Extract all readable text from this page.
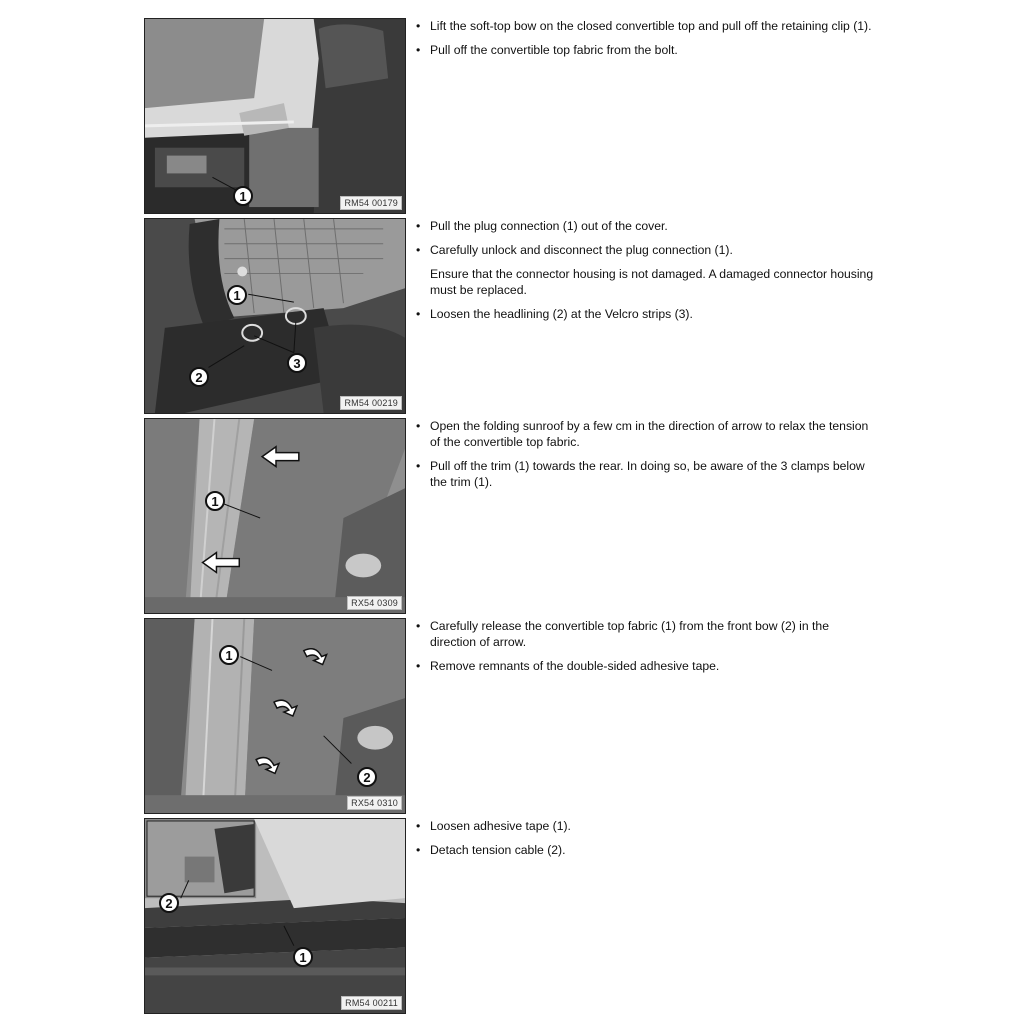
1	RM54 00179
• Lift the soft-top bow on the closed convertible top and pull off the retaining clip (1).
• Pull off the convertible top fabric from the bolt.
1
2
3
RM54 00219
• Pull the plug connection (1) out of the cover.
• Carefully unlock and disconnect the plug connection (1).

Ensure that the connector housing is not damaged. A damaged connector housing must be replaced.

• Loosen the headlining (2) at the Velcro strips (3).
1
RX54 0309
• Open the folding sunroof by a few cm in the direction of arrow to relax the tension of the convertible top fabric.
• Pull off the trim (1) towards the rear. In doing so, be aware of the 3 clamps below the trim (1).
1
2
RX54 0310
• Carefully release the convertible top fabric (1) from the front bow (2) in the direction of arrow.
• Remove remnants of the double-sided adhesive tape.
2
1
RM54 00211
• Loosen adhesive tape (1).
• Detach tension cable (2).
